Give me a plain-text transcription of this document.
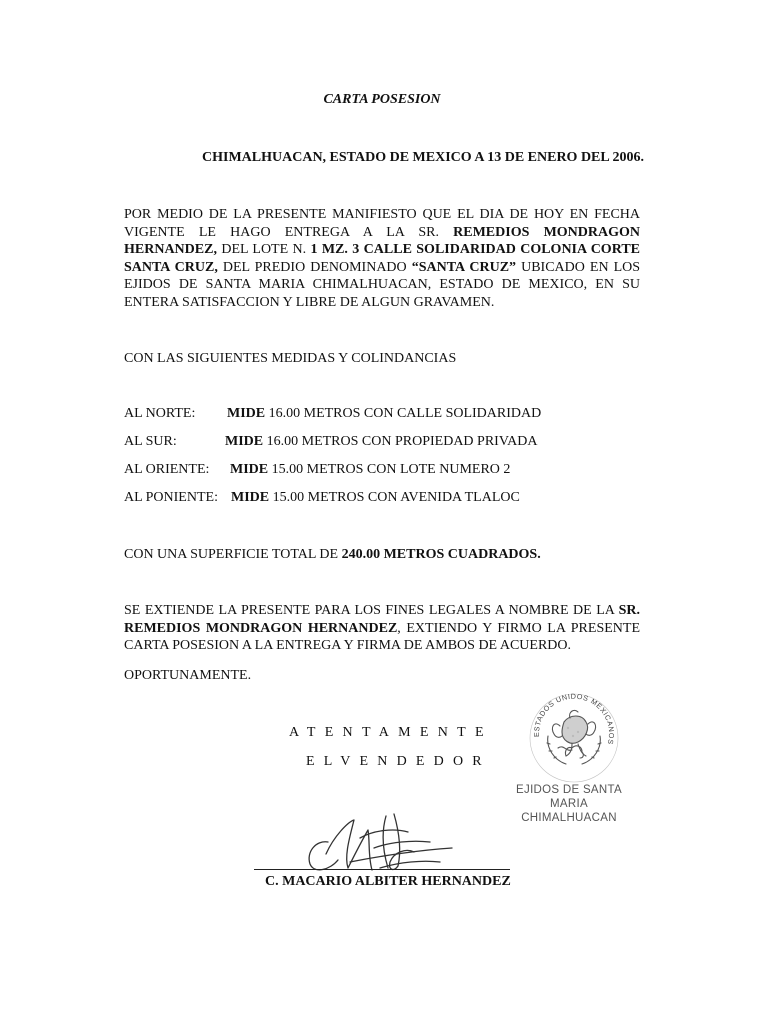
CARTA POSESION
CHIMALHUACAN, ESTADO DE MEXICO A 13 DE ENERO DEL 2006.
POR MEDIO DE LA PRESENTE MANIFIESTO QUE EL DIA DE HOY EN FECHA VIGENTE LE HAGO ENTREGA A LA SR. REMEDIOS MONDRAGON HERNANDEZ, DEL LOTE N. 1 MZ. 3 CALLE SOLIDARIDAD COLONIA CORTE SANTA CRUZ, DEL PREDIO DENOMINADO “SANTA CRUZ” UBICADO EN LOS EJIDOS DE SANTA MARIA CHIMALHUACAN, ESTADO DE MEXICO, EN SU ENTERA SATISFACCION Y LIBRE DE ALGUN GRAVAMEN.
CON LAS SIGUIENTES MEDIDAS Y COLINDANCIAS
AL NORTE: MIDE 16.00 METROS CON CALLE SOLIDARIDAD
AL SUR:	MIDE 16.00 METROS CON PROPIEDAD PRIVADA
AL ORIENTE: MIDE 15.00 METROS CON LOTE NUMERO 2
AL PONIENTE: MIDE 15.00 METROS CON AVENIDA TLALOC
CON UNA SUPERFICIE TOTAL DE 240.00 METROS CUADRADOS.
SE EXTIENDE LA PRESENTE PARA LOS FINES LEGALES A NOMBRE DE LA SR. REMEDIOS MONDRAGON HERNANDEZ, EXTIENDO Y FIRMO LA PRESENTE CARTA POSESION A LA ENTREGA Y FIRMA DE AMBOS DE ACUERDO.
OPORTUNAMENTE.
ATENTAMENTE
ELVENDEDOR
C. MACARIO ALBITER HERNANDEZ
ESTADOS UNIDOS MEXICANOS
EJIDOS DE SANTA
MARIA
CHIMALHUACAN
